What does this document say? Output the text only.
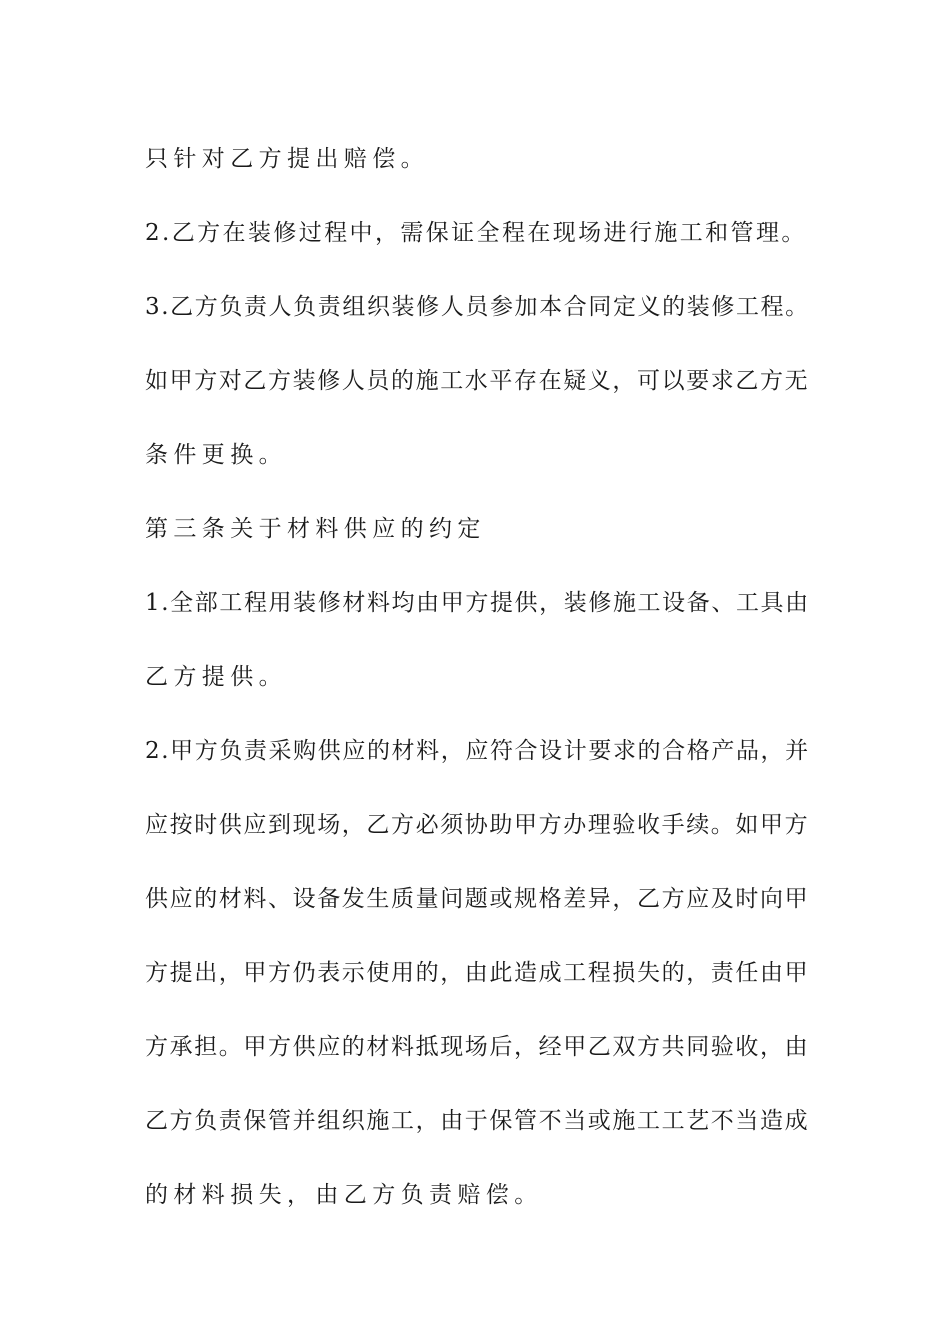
只针对乙方提出赔偿。
2.乙方在装修过程中，需保证全程在现场进行施工和管理。
3.乙方负责人负责组织装修人员参加本合同定义的装修工程。
如甲方对乙方装修人员的施工水平存在疑义，可以要求乙方无
条件更换。
第三条关于材料供应的约定
1.全部工程用装修材料均由甲方提供，装修施工设备、工具由
乙方提供。
2.甲方负责采购供应的材料，应符合设计要求的合格产品，并
应按时供应到现场，乙方必须协助甲方办理验收手续。如甲方
供应的材料、设备发生质量问题或规格差异，乙方应及时向甲
方提出，甲方仍表示使用的，由此造成工程损失的，责任由甲
方承担。甲方供应的材料抵现场后，经甲乙双方共同验收，由
乙方负责保管并组织施工，由于保管不当或施工工艺不当造成
的材料损失，由乙方负责赔偿。
